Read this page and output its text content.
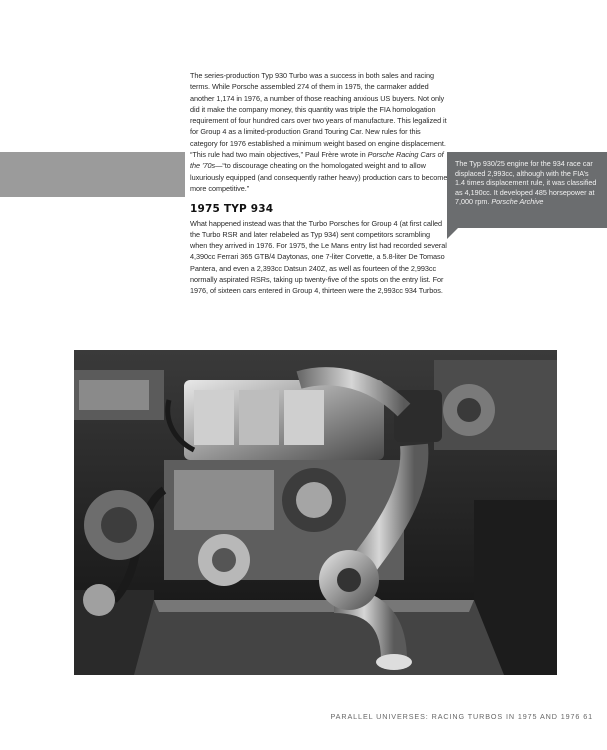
The series-production Typ 930 Turbo was a success in both sales and racing terms. While Porsche assembled 274 of them in 1975, the carmaker added another 1,174 in 1976, a number of those reaching anxious US buyers. Not only did it make the company money, this quantity was triple the FIA homologation requirement of four hundred cars over two years of manufacture. This legalized it for Group 4 as a limited-production Grand Touring Car. New rules for this category for 1976 established a minimum weight based on engine displacement. “This rule had two main objectives,” Paul Frère wrote in Porsche Racing Cars of the ’70s—“to discourage cheating on the homologated weight and to allow luxuriously equipped (and consequently rather heavy) production cars to become more competitive.”

1975 TYP 934

What happened instead was that the Turbo Porsches for Group 4 (at first called the Turbo RSR and later relabeled as Typ 934) sent competitors scrambling when they arrived in 1976. For 1975, the Le Mans entry list had recorded several 4,390cc Ferrari 365 GTB/4 Daytonas, one 7-liter Corvette, a 5.8-liter De Tomaso Pantera, and even a 2,393cc Datsun 240Z, as well as fourteen of the 2,993cc normally aspirated RSRs, taking up twenty-five of the spots on the entry list. For 1976, of sixteen cars entered in Group 4, thirteen were the 2,993cc 934 Turbos.

The Typ 930/25 engine for the 934 race car displaced 2,993cc, although with the FIA’s 1.4 times displacement rule, it was classified as 4,190cc. It developed 485 horsepower at 7,000 rpm. Porsche Archive
PARALLEL UNIVERSES: RACING TURBOS IN 1975 AND 1976 61
